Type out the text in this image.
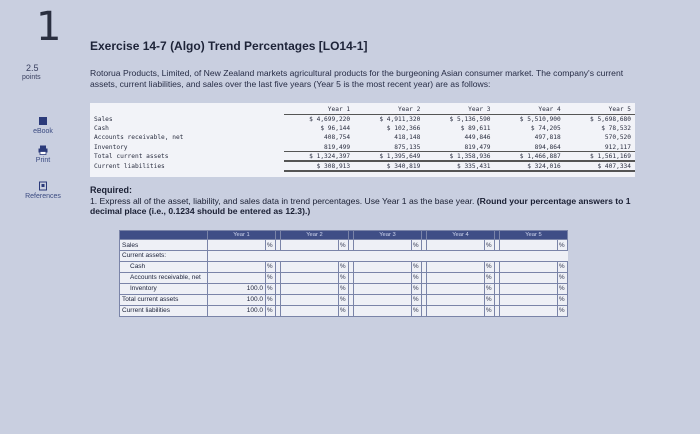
1 Exercise 14-7 (Algo) Trend Percentages [LO14-1]
2.5
points
eBook
Print
References
Rotorua Products, Limited, of New Zealand markets agricultural products for the burgeoning Asian consumer market. The company's current assets, current liabilities, and sales over the last five years (Year 5 is the most recent year) are as follows:
	Year 1	Year 2	Year 3	Year 4	Year 5
Sales	$ 4,699,220	$ 4,911,320	$ 5,136,590	$ 5,510,900	$ 5,698,680
Cash	$ 96,144	$ 102,366	$ 89,611	$ 74,205	$ 78,532
Accounts receivable, net	408,754	418,148	449,846	497,818	570,520
Inventory	819,499	875,135	819,479	894,864	912,117
Total current assets	$ 1,324,397	$ 1,395,649	$ 1,358,936	$ 1,466,887	$ 1,561,169
Current liabilities	$ 308,913	$ 340,819	$ 335,431	$ 324,016	$ 407,334
Required:
1. Express all of the asset, liability, and sales data in trend percentages. Use Year 1 as the base year. (Round your percentage answers to 1 decimal place (i.e., 0.1234 should be entered as 12.3).)
	Year 1			Year 2			Year 3			Year 4			Year 5	
Sales		%			%			%			%			%
Current assets:														
Cash		%			%			%			%			%
Accounts receivable, net		%			%			%			%			%
Inventory	100.0	%			%			%			%			%
Total current assets	100.0	%			%			%			%			%
Current liabilities	100.0	%			%			%			%			%
